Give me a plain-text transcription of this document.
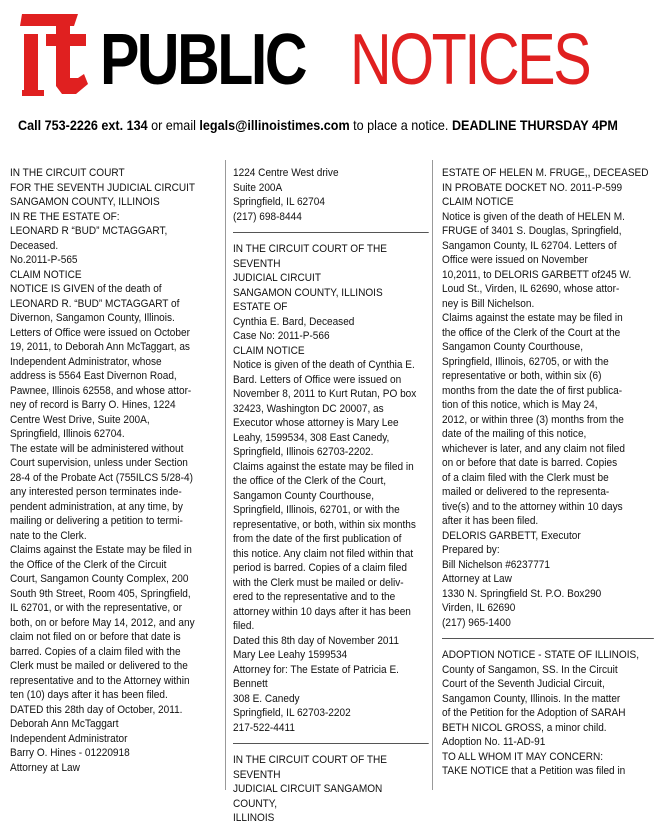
PUBLIC NOTICES
Call 753-2226 ext. 134 or email legals@illinoistimes.com to place a notice. DEADLINE THURSDAY 4PM

IN THE CIRCUIT COURT

FOR THE SEVENTH JUDICIAL CIRCUIT

SANGAMON COUNTY, ILLINOIS

IN RE THE ESTATE OF:

LEONARD R “BUD” MCTAGGART,

Deceased.

No.2011-P-565

CLAIM NOTICE

NOTICE IS GIVEN of the death of

LEONARD R. “BUD” MCTAGGART of

Divernon, Sangamon County, Illinois.

Letters of Office were issued on October

19, 2011, to Deborah Ann McTaggart, as

Independent Administrator, whose

address is 5564 East Divernon Road,

Pawnee, Illinois 62558, and whose attor-

ney of record is Barry O. Hines, 1224

Centre West Drive, Suite 200A,

Springfield, Illinois 62704.

The estate will be administered without

Court supervision, unless under Section

28-4 of the Probate Act (755ILCS 5/28-4)

any interested person terminates inde-

pendent administration, at any time, by

mailing or delivering a petition to termi-

nate to the Clerk.

Claims against the Estate may be filed in

the Office of the Clerk of the Circuit

Court, Sangamon County Complex, 200

South 9th Street, Room 405, Springfield,

IL 62701, or with the representative, or

both, on or before May 14, 2012, and any

claim not filed on or before that date is

barred. Copies of a claim filed with the

Clerk must be mailed or delivered to the

representative and to the Attorney within

ten (10) days after it has been filed.

DATED this 28th day of October, 2011.

Deborah Ann McTaggart

Independent Administrator

Barry O. Hines - 01220918

Attorney at Law

1224 Centre West drive

Suite 200A

Springfield, IL 62704

(217) 698-8444

IN THE CIRCUIT COURT OF THE SEVENTH

JUDICIAL CIRCUIT

SANGAMON COUNTY, ILLINOIS

ESTATE OF

Cynthia E. Bard, Deceased

Case No: 2011-P-566

CLAIM NOTICE

Notice is given of the death of Cynthia E.

Bard. Letters of Office were issued on

November 8, 2011 to Kurt Rutan, PO box

32423, Washington DC 20007, as

Executor whose attorney is Mary Lee

Leahy, 1599534, 308 East Canedy,

Springfield, Illinois 62703-2202.

Claims against the estate may be filed in

the office of the Clerk of the Court,

Sangamon County Courthouse,

Springfield, Illinois, 62701, or with the

representative, or both, within six months

from the date of the first publication of

this notice. Any claim not filed within that

period is barred. Copies of a claim filed

with the Clerk must be mailed or deliv-

ered to the representative and to the

attorney within 10 days after it has been

filed.

Dated this 8th day of November 2011

Mary Lee Leahy 1599534

Attorney for: The Estate of Patricia E.

Bennett

308 E. Canedy

Springfield, IL 62703-2202

217-522-4411

IN THE CIRCUIT COURT OF THE SEVENTH

JUDICIAL CIRCUIT SANGAMON COUNTY,

ILLINOIS

ESTATE OF HELEN M. FRUGE,, DECEASED

IN PROBATE DOCKET NO. 2011-P-599

CLAIM NOTICE

Notice is given of the death of HELEN M.

FRUGE of 3401 S. Douglas, Springfield,

Sangamon County, IL 62704. Letters of

Office were issued on November

10,2011, to DELORIS GARBETT of245 W.

Loud St., Virden, IL 62690, whose attor-

ney is Bill Nichelson.

Claims against the estate may be filed in

the office of the Clerk of the Court at the

Sangamon County Courthouse,

Springfield, Illinois, 62705, or with the

representative or both, within six (6)

months from the date the of first publica-

tion of this notice, which is May 24,

2012, or within three (3) months from the

date of the mailing of this notice,

whichever is later, and any claim not filed

on or before that date is barred. Copies

of a claim filed with the Clerk must be

mailed or delivered to the representa-

tive(s) and to the attorney within 10 days

after it has been filed.

DELORIS GARBETT, Executor

Prepared by:

Bill Nichelson #6237771

Attorney at Law

1330 N. Springfield St. P.O. Box290

Virden, IL 62690

(217) 965-1400

ADOPTION NOTICE - STATE OF ILLINOIS,

County of Sangamon, SS. In the Circuit

Court of the Seventh Judicial Circuit,

Sangamon County, Illinois. In the matter

of the Petition for the Adoption of SARAH

BETH NICOL GROSS, a minor child.

Adoption No. 11-AD-91

TO ALL WHOM IT MAY CONCERN:

TAKE NOTICE that a Petition was filed in
